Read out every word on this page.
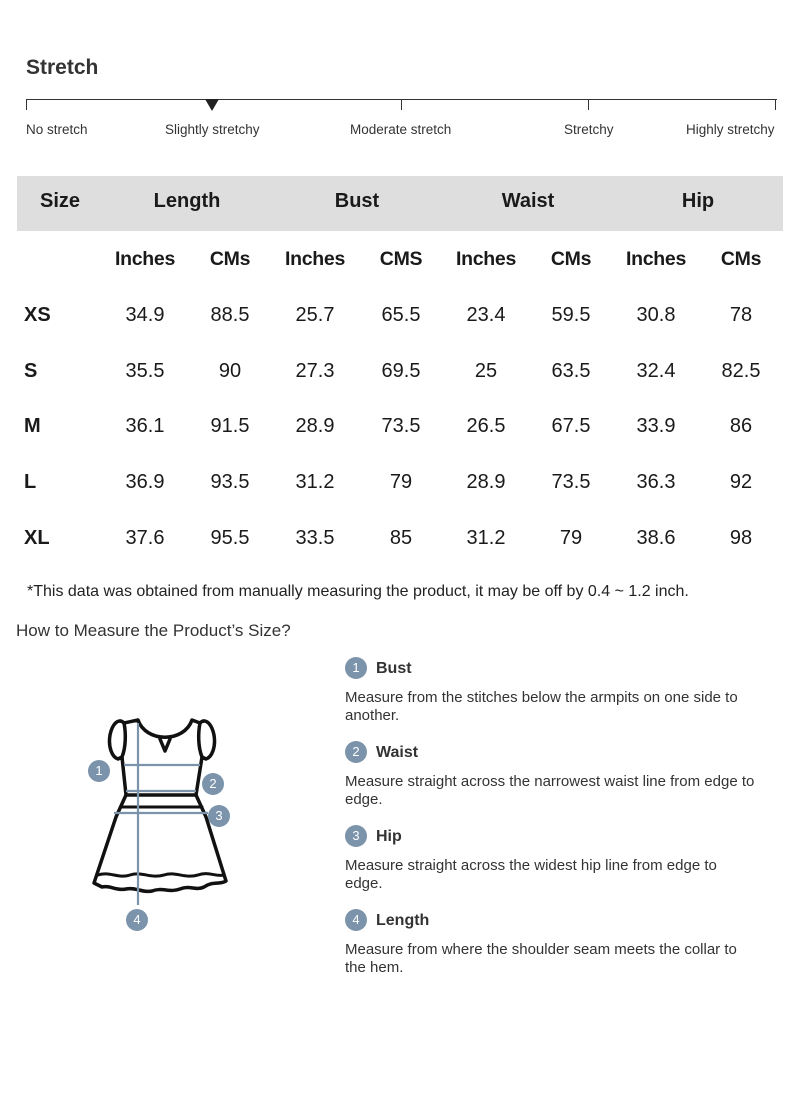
Stretch
No stretch	Slightly stretchy	Moderate stretch	Stretchy	Highly stretchy
Size	Length	Bust	Waist	Hip
Inches CMs Inches CMS Inches CMs Inches CMs
XS	34.9 88.5 25.7 65.5 23.4 59.5 30.8	78
S	35.5	90	27.3 69.5	25	63.5 32.4 82.5
M	36.1 91.5 28.9 73.5 26.5 67.5 33.9	86
L	36.9 93.5 31.2	79	28.9 73.5 36.3	92
XL	37.6 95.5 33.5	85	31.2	79	38.6	98
*This data was obtained from manually measuring the product, it may be off by 0.4 ~ 1.2 inch.
How to Measure the Product’s Size?
1
2
3
4
1	Bust
Measure from the stitches below the armpits on one side to another.
2	Waist
Measure straight across the narrowest waist line from edge to edge.
3	Hip
Measure straight across the widest hip line from edge to edge.
4	Length
Measure from where the shoulder seam meets the collar to the hem.
